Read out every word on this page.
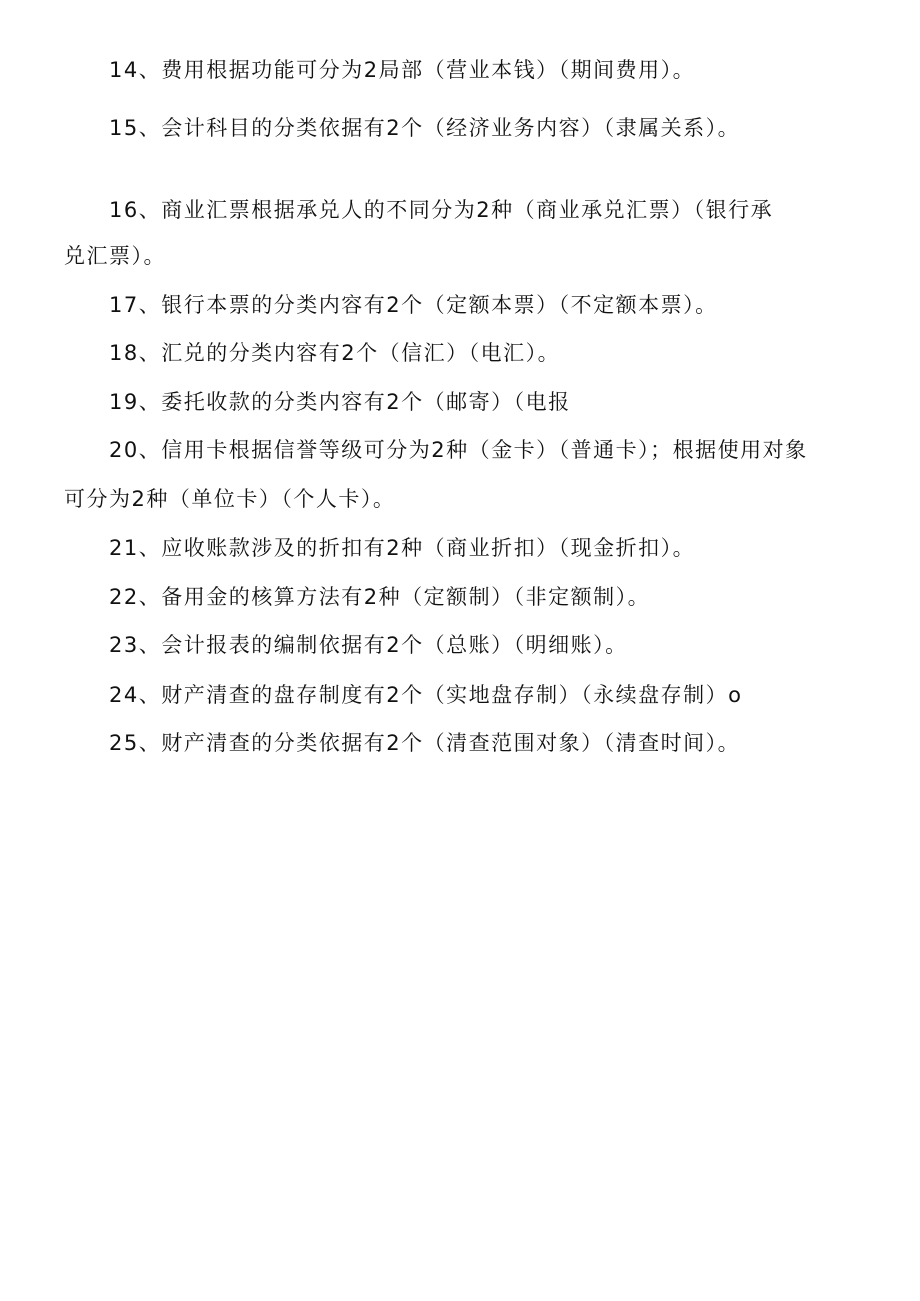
14、费用根据功能可分为2局部（营业本钱）（期间费用）。

15、会计科目的分类依据有2个（经济业务内容）（隶属关系）。

16、商业汇票根据承兑人的不同分为2种（商业承兑汇票）（银行承

兑汇票）。

17、银行本票的分类内容有2个（定额本票）（不定额本票）。

18、汇兑的分类内容有2个（信汇）（电汇）。

19、委托收款的分类内容有2个（邮寄）（电报

20、信用卡根据信誉等级可分为2种（金卡）（普通卡）；根据使用对象

可分为2种（单位卡）（个人卡）。

21、应收账款涉及的折扣有2种（商业折扣）（现金折扣）。

22、备用金的核算方法有2种（定额制）（非定额制）。

23、会计报表的编制依据有2个（总账）（明细账）。

24、财产清查的盘存制度有2个（实地盘存制）（永续盘存制）o

25、财产清查的分类依据有2个（清查范围对象）（清查时间）。
